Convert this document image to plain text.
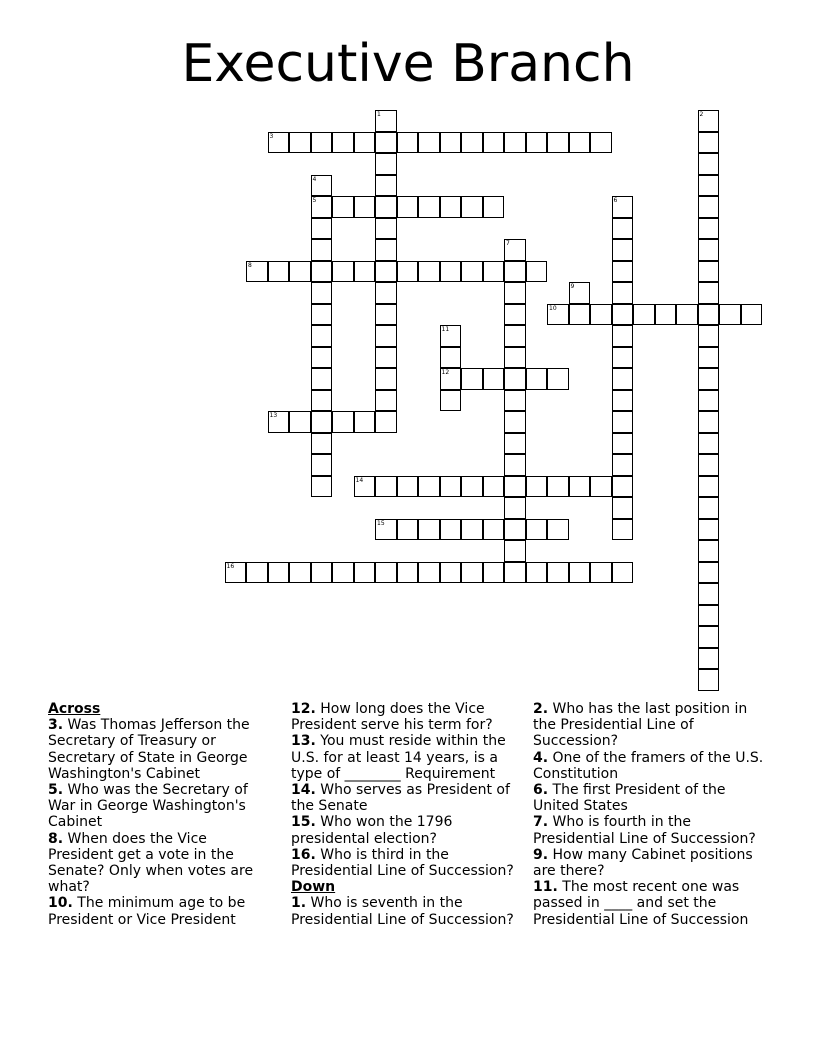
Executive Branch
1	2
3
4
5	6
7
8
9
10
11
12
13
14
15
16
Across
3. Was Thomas Jefferson the Secretary of Treasury or Secretary of State in George Washington's Cabinet
5. Who was the Secretary of War in George Washington's Cabinet
8. When does the Vice President get a vote in the Senate? Only when votes are what?
10. The minimum age to be President or Vice President
12. How long does the Vice President serve his term for?
13. You must reside within the U.S. for at least 14 years, is a type of ________ Requirement
14. Who serves as President of the Senate
15. Who won the 1796 presidental election?
16. Who is third in the Presidential Line of Succession?
Down
1. Who is seventh in the Presidential Line of Succession?
2. Who has the last position in the Presidential Line of Succession?
4. One of the framers of the U.S. Constitution
6. The first President of the United States
7. Who is fourth in the Presidential Line of Succession?
9. How many Cabinet positions are there?
11. The most recent one was passed in ____ and set the Presidential Line of Succession
